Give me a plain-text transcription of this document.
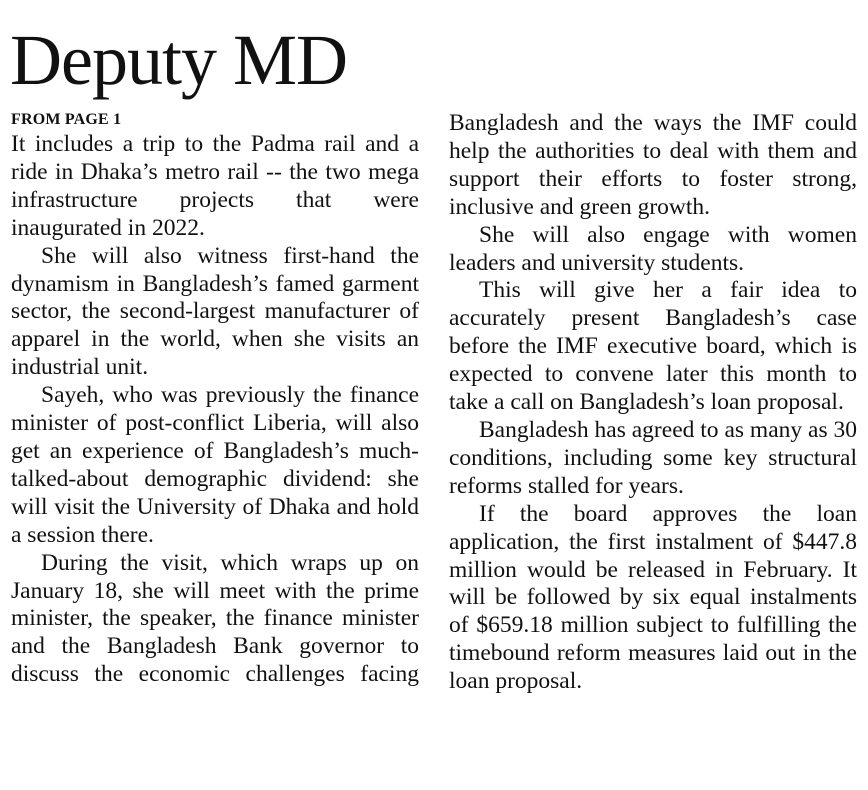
Deputy MD
FROM PAGE 1

It includes a trip to the Padma rail and a ride in Dhaka’s metro rail -- the two mega infrastructure projects that were inaugurated in 2022.

She will also witness first-hand the dynamism in Bangladesh’s famed garment sector, the second-largest manufacturer of apparel in the world, when she visits an industrial unit.

Sayeh, who was previously the finance minister of post-conflict Liberia, will also get an experience of Bangladesh’s much-talked-about demographic dividend: she will visit the University of Dhaka and hold a session there.

During the visit, which wraps up on January 18, she will meet with the prime minister, the speaker, the finance minister and the Bangladesh Bank governor to discuss the economic challenges facing

Bangladesh and the ways the IMF could help the authorities to deal with them and support their efforts to foster strong, inclusive and green growth.

She will also engage with women leaders and university students.

This will give her a fair idea to accurately present Bangladesh’s case before the IMF executive board, which is expected to convene later this month to take a call on Bangladesh’s loan proposal.

Bangladesh has agreed to as many as 30 conditions, including some key structural reforms stalled for years.

If the board approves the loan application, the first instalment of $447.8 million would be released in February. It will be followed by six equal instalments of $659.18 million subject to fulfilling the timebound reform measures laid out in the loan proposal.
